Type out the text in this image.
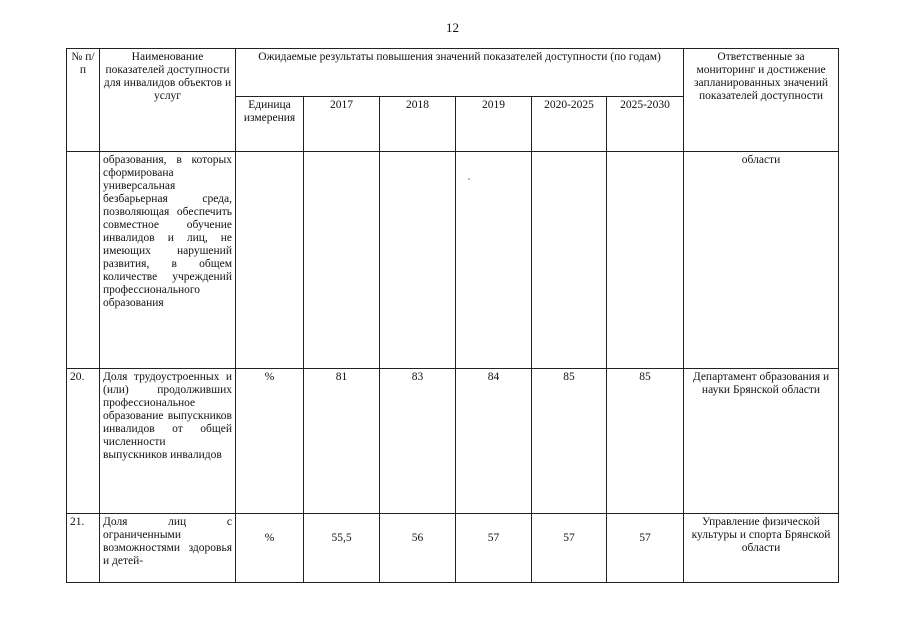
12
№ п/п	Наименование показателей доступности для инвалидов объектов и услуг	Ожидаемые результаты повышения значений показателей доступности (по годам)						Ответственные за мониторинг и достижение запланированных значений показателей доступности
		Единица измерения	2017	2018	2019	2020-2025	2025-2030	
	образования, в которых сформирована универсальная безбарьерная среда, позволяющая обеспечить совместное обучение инвалидов и лиц, не имеющих нарушений развития, в общем количестве учреждений профессионального образования							области
20.	Доля трудоустроенных и (или) продолживших профессиональное образование выпускников инвалидов от общей численности выпускников инвалидов	%	81	83	84	85	85	Департамент образования и науки Брянской области
21.	Доля лиц с ограниченными возможностями здоровья и детей-	%	55,5	56	57	57	57	Управление физической культуры и спорта Брянской области
